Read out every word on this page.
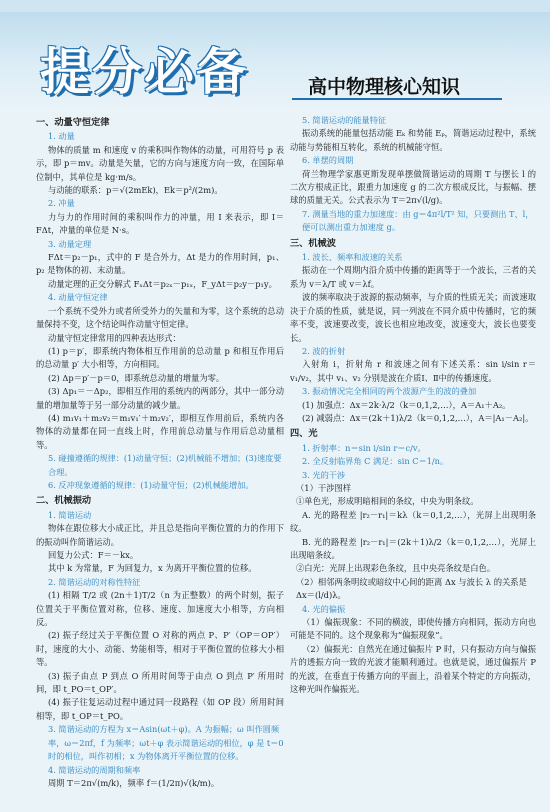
提分必备	高中物理核心知识
一、动量守恒定律
1. 动量
物体的质量 m 和速度 v 的乘积叫作物体的动量，可用符号 p 表示，即 p＝mv。动量是矢量，它的方向与速度方向一致，在国际单位制中，其单位是 kg·m/s。
与动能的联系：p＝√(2mEk)，Ek＝p²/(2m)。
2. 冲量
力与力的作用时间的乘积叫作力的冲量，用 I 来表示，即 I＝FΔt，冲量的单位是 N·s。
3. 动量定理
FΔt＝p₂－p₁，式中的 F 是合外力，Δt 是力的作用时间，p₁、p₂ 是物体的初、末动量。
动量定理的正交分解式 FₓΔt＝p₂ₓ－p₁ₓ，F_yΔt＝p₂y－p₁y。
4. 动量守恒定律
一个系统不受外力或者所受外力的矢量和为零，这个系统的总动量保持不变，这个结论叫作动量守恒定律。
动量守恒定律常用的四种表达形式：
(1) p＝p′，即系统内物体相互作用前的总动量 p 和相互作用后的总动量 p′ 大小相等，方向相同。
(2) Δp＝p′－p＝0，即系统总动量的增量为零。
(3) Δp₁＝－Δp₂，即相互作用的系统内的两部分，其中一部分动量的增加量等于另一部分动量的减少量。
(4) m₁v₁＋m₂v₂＝m₁v₁′＋m₂v₂′，即相互作用前后，系统内各物体的动量都在同一直线上时，作用前总动量与作用后总动量相等。
5. 碰撞遵循的规律：(1)动量守恒；(2)机械能不增加；(3)速度要合理。
6. 反冲现象遵循的规律：(1)动量守恒；(2)机械能增加。
二、机械振动
1. 简谐运动
物体在跟位移大小成正比，并且总是指向平衡位置的力的作用下的振动叫作简谐运动。
回复力公式：F＝－kx。
其中 k 为常量，F 为回复力，x 为离开平衡位置的位移。
2. 简谐运动的对称性特征
(1) 相隔 T/2 或 (2n＋1)T/2（n 为正整数）的两个时刻，振子位置关于平衡位置对称，位移、速度、加速度大小相等，方向相反。
(2) 振子经过关于平衡位置 O 对称的两点 P、P′（OP＝OP′）时，速度的大小、动能、势能相等，相对于平衡位置的位移大小相等。
(3) 振子由点 P 到点 O 所用时间等于由点 O 到点 P′ 所用时间，即 t_PO＝t_OP′。
(4) 振子往复运动过程中通过同一段路程（如 OP 段）所用时间相等，即 t_OP＝t_PO。
3. 简谐运动的方程为 x＝Asin(ωt＋φ)。A 为振幅；ω 叫作圆频率，ω＝2πf，f 为频率；ωt＋φ 表示简谐运动的相位，φ 是 t＝0 时的相位，叫作初相；x 为物体离开平衡位置的位移。
4. 简谐运动的周期和频率
周期 T＝2π√(m/k)，频率 f＝(1/2π)√(k/m)。
5. 简谐运动的能量特征
振动系统的能量包括动能 Eₖ 和势能 Eₚ，简谐运动过程中，系统动能与势能相互转化，系统的机械能守恒。
6. 单摆的周期
荷兰物理学家惠更斯发现单摆做简谐运动的周期 T 与摆长 l 的二次方根成正比，跟重力加速度 g 的二次方根成反比，与振幅、摆球的质量无关。公式表示为 T＝2π√(l/g)。
7. 测量当地的重力加速度：由 g＝4π²l/T² 知，只要测出 T、l，便可以测出重力加速度 g。
三、机械波
1. 波长、频率和波速的关系
振动在一个周期内沿介质中传播的距离等于一个波长，三者的关系为 v＝λ/T 或 v＝λf。
波的频率取决于波源的振动频率，与介质的性质无关；而波速取决于介质的性质，就是说，同一列波在不同介质中传播时，它的频率不变，波速要改变，波长也相应地改变，波速变大，波长也要变长。
2. 波的折射
入射角 i，折射角 r 和波速之间有下述关系：sin i/sin r＝v₁/v₂，其中 v₁、v₂ 分别是波在介质Ⅰ、Ⅱ中的传播速度。
3. 振动情况完全相同的两个波源产生的波的叠加
(1) 加强点：Δx＝2k·λ/2（k＝0,1,2,…），A＝A₁＋A₂。
(2) 减弱点：Δx＝(2k＋1)λ/2（k＝0,1,2,…），A＝|A₁－A₂|。
四、光
1. 折射率：n＝sin i/sin r＝c/v。
2. 全反射临界角 C 满足：sin C＝1/n。
3. 光的干涉
（1）干涉图样
①单色光，形成明暗相间的条纹，中央为明条纹。
A. 光的路程差 |r₂－r₁|＝kλ（k＝0,1,2,…），光屏上出现明条纹。
B. 光的路程差 |r₂－r₁|＝(2k＋1)λ/2（k＝0,1,2,…），光屏上出现暗条纹。
②白光：光屏上出现彩色条纹，且中央亮条纹是白色。
（2）相邻两条明纹或暗纹中心间的距离 Δx 与波长 λ 的关系是 Δx＝(l/d)λ。
4. 光的偏振
（1）偏振现象：不同的横波，即使传播方向相同，振动方向也可能是不同的。这个现象称为“偏振现象”。
（2）偏振光：自然光在通过偏振片 P 时，只有振动方向与偏振片的透振方向一致的光波才能顺利通过。也就是说，通过偏振片 P 的光波，在垂直于传播方向的平面上，沿着某个特定的方向振动，这种光叫作偏振光。
